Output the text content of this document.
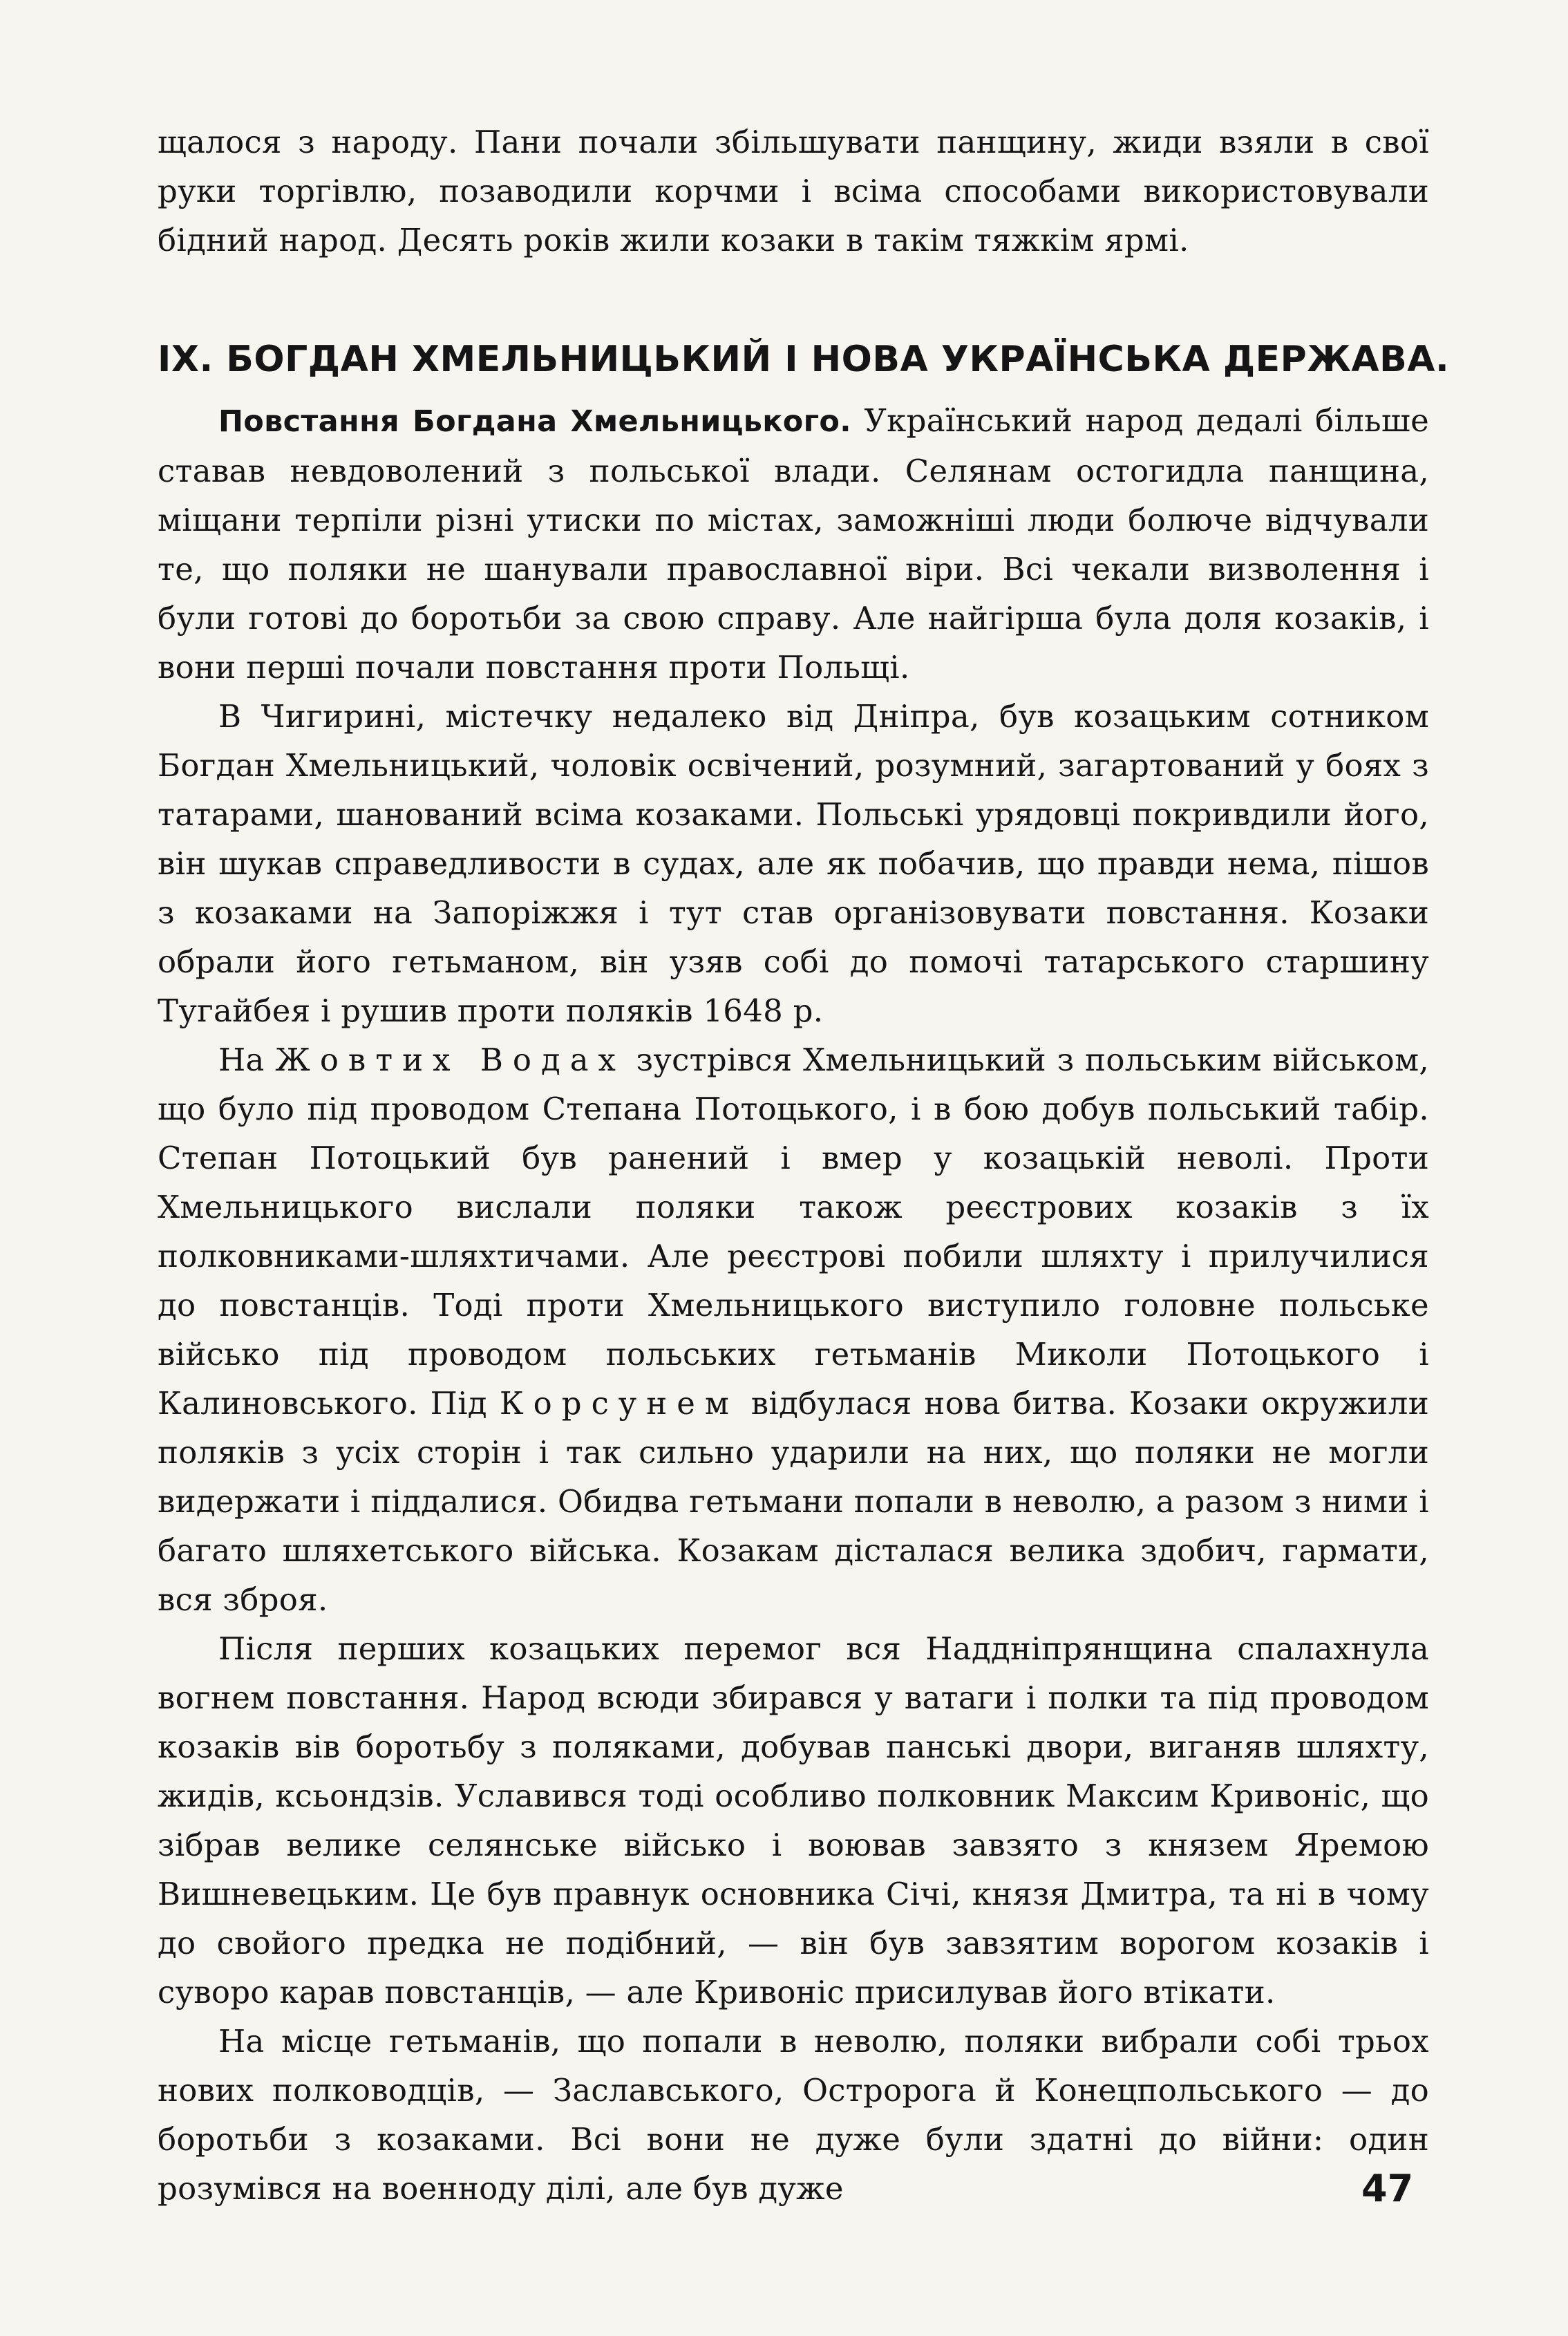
щалося з народу. Пани почали збільшувати панщину, жиди взяли в свої руки торгівлю, позаводили корчми і всіма способами використовували бідний народ. Десять років жили козаки в такім тяжкім ярмі.

IX. БОГДАН ХМЕЛЬНИЦЬКИЙ І НОВА УКРАЇНСЬКА ДЕРЖАВА.

Повстання Богдана Хмельницького. Український народ дедалі більше ставав невдоволений з польської влади. Селянам остогидла панщина, міщани терпіли різні утиски по містах, заможніші люди болюче відчували те, що поляки не шанували православної віри. Всі чекали визволення і були готові до боротьби за свою справу. Але найгірша була доля козаків, і вони перші почали повстання проти Польщі.

В Чигирині, містечку недалеко від Дніпра, був козацьким сотником Богдан Хмельницький, чоловік освічений, розумний, загартований у боях з татарами, шанований всіма козаками. Польські урядовці покривдили його, він шукав справедливости в судах, але як побачив, що правди нема, пішов з козаками на Запоріжжя і тут став організовувати повстання. Козаки обрали його гетьманом, він узяв собі до помочі татарського старшину Тугайбея і рушив проти поляків 1648 р.

На Жовтих Водах зустрівся Хмельницький з польським військом, що було під проводом Степана Потоцького, і в бою добув польський табір. Степан Потоцький був ранений і вмер у козацькій неволі. Проти Хмельницького вислали поляки також реєстрових козаків з їх полковниками-шляхтичами. Але реєстрові побили шляхту і прилучилися до повстанців. Тоді проти Хмельницького виступило головне польське військо під проводом польських гетьманів Миколи Потоцького і Калиновського. Під Корсунем відбулася нова битва. Козаки окружили поляків з усіх сторін і так сильно ударили на них, що поляки не могли видержати і піддалися. Обидва гетьмани попали в неволю, а разом з ними і багато шляхетського війська. Козакам дісталася велика здобич, гармати, вся зброя.

Після перших козацьких перемог вся Наддніпрянщина спалахнула вогнем повстання. Народ всюди збирався у ватаги і полки та під проводом козаків вів боротьбу з поляками, добував панські двори, виганяв шляхту, жидів, ксьондзів. Уславився тоді особливо полковник Максим Кривоніс, що зібрав велике селянське військо і воював завзято з князем Яремою Вишневецьким. Це був правнук основника Січі, князя Дмитра, та ні в чому до свойого предка не подібний, — він був завзятим ворогом козаків і суворо карав повстанців, — але Кривоніс присилував його втікати.

На місце гетьманів, що попали в неволю, поляки вибрали собі трьох нових полководців, — Заславського, Остророга й Конецпольського — до боротьби з козаками. Всі вони не дуже були здатні до війни: один розумівся на военноду ділі, але був дуже	47
